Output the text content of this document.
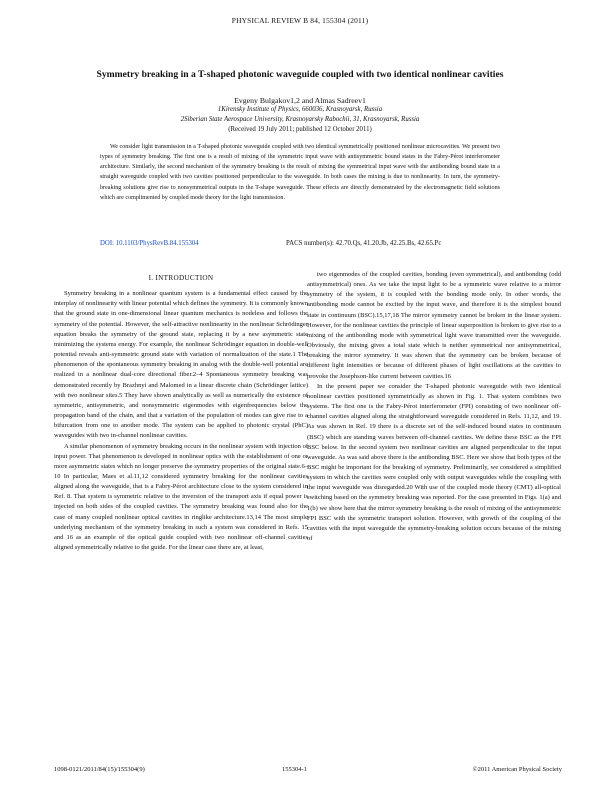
PHYSICAL REVIEW B 84, 155304 (2011)
Symmetry breaking in a T-shaped photonic waveguide coupled with two identical nonlinear cavities
Evgeny Bulgakov1,2 and Almas Sadreev1
1Kirensky Institute of Physics, 660036, Krasnoyarsk, Russia
2Siberian State Aerospace University, Krasnoyarsky Rabochii, 31, Krasnoyarsk, Russia
(Received 19 July 2011; published 12 October 2011)

We consider light transmission in a T-shaped photonic waveguide coupled with two identical symmetrically positioned nonlinear microcavities. We present two types of symmetry breaking. The first one is a result of mixing of the symmetric input wave with antisymmetric bound states in the Fabry-Pérot interferometer architecture. Similarly, the second mechanism of the symmetry breaking is the result of mixing the symmetrical input wave with the antibonding bound state in a straight waveguide coupled with two cavities positioned perpendicular to the waveguide. In both cases the mixing is due to nonlinearity. In turn, the symmetry-breaking solutions give rise to nonsymmetrical outputs in the T-shape waveguide. These effects are directly demonstrated by the electromagnetic field solutions which are complimented by coupled mode theory for the light transmission.

DOI: 10.1103/PhysRevB.84.155304	PACS number(s): 42.70.Qs, 41.20.Jb, 42.25.Bs, 42.65.Pc
I. INTRODUCTION

Symmetry breaking in a nonlinear quantum system is a fundamental effect caused by the interplay of nonlinearity with linear potential which defines the symmetry. It is commonly known that the ground state in one-dimensional linear quantum mechanics is nodeless and follows the symmetry of the potential. However, the self-attractive nonlinearity in the nonlinear Schrödinger equation breaks the symmetry of the ground state, replacing it by a new asymmetric state minimizing the systems energy. For example, the nonlinear Schrödinger equation in double-well potential reveals anti-symmetric ground state with variation of normalization of the state.1 The phenomenon of the spontaneous symmetry breaking in analog with the double-well potential are realized in a nonlinear dual-core directional fiber.2–4 Spontaneous symmetry breaking was demonstrated recently by Brazhnyi and Malomed in a linear discrete chain (Schrödinger lattice) with two nonlinear sites.5 They have shown analytically as well as numerically the existence of symmetric, antisymmetric, and nonsymmetric eigenmodes with eigenfrequencies below the propagation band of the chain, and that a variation of the population of modes can give rise to a bifurcation from one to another mode. The system can be applied to photonic crystal (PhC) waveguides with two in-channel nonlinear cavities.

A similar phenomenon of symmetry breaking occurs in the nonlinear system with injection of input power. That phenomenon is developed in nonlinear optics with the establishment of one or more asymmetric states which no longer preserve the symmetry properties of the original state.6–10 In particular, Maes et al.11,12 considered symmetry breaking for the nonlinear cavities aligned along the waveguide, that is a Fabry-Pérot architecture close to the system considered in Ref. 8. That system is symmetric relative to the inversion of the transport axis if equal power is injected on both sides of the coupled cavities. The symmetry breaking was found also for the case of many coupled nonlinear optical cavities in ringlike architecture.13,14 The most simple underlying mechanism of the symmetry breaking in such a system was considered in Refs. 15 and 16 as an example of the optical guide coupled with two nonlinear off-channel cavities aligned symmetrically relative to the guide. For the linear case there are, at least,

two eigenmodes of the coupled cavities, bonding (even symmetrical), and antibonding (odd antisymmetrical) ones. As we take the input light to be a symmetric wave relative to a mirror symmetry of the system, it is coupled with the bonding mode only. In other words, the antibonding mode cannot be excited by the input wave, and therefore it is the simplest bound state in continuum (BSC).15,17,18 The mirror symmetry cannot be broken in the linear system. However, for the nonlinear cavities the principle of linear superposition is broken to give rise to a mixing of the antibonding mode with symmetrical light wave transmitted over the waveguide. Obviously, the mixing gives a total state which is neither symmetrical nor antisymmetrical, breaking the mirror symmetry. It was shown that the symmetry can be broken because of different light intensities or because of different phases of light oscillations at the cavities to provoke the Josephson-like current between cavities.16

In the present paper we consider the T-shaped photonic waveguide with two identical nonlinear cavities positioned symmetrically as shown in Fig. 1. That system combines two systems. The first one is the Fabry-Pérot interferometer (FPI) consisting of two nonlinear off-channel cavities aligned along the straightforward waveguide considered in Refs. 11,12, and 19. As was shown in Ref. 19 there is a discrete set of the self-induced bound states in continuum (BSC) which are standing waves between off-channel cavities. We define these BSC as the FPI BSC below. In the second system two nonlinear cavities are aligned perpendicular to the input waveguide. As was said above there is the antibonding BSC. Here we show that both types of the BSC might be important for the breaking of symmetry. Preliminarily, we considered a simplified system in which the cavities were coupled only with output waveguides while the coupling with the input waveguide was disregarded.20 With use of the coupled mode theory (CMT) all-optical switching based on the symmetry breaking was reported. For the case presented in Figs. 1(a) and 1(b) we show here that the mirror symmetry breaking is the result of mixing of the antisymmetric FPI BSC with the symmetric transport solution. However, with growth of the coupling of the cavities with the input waveguide the symmetry-breaking solution occurs because of the mixing of

1098-0121/2011/84(15)/155304(9)	155304-1	©2011 American Physical Society
